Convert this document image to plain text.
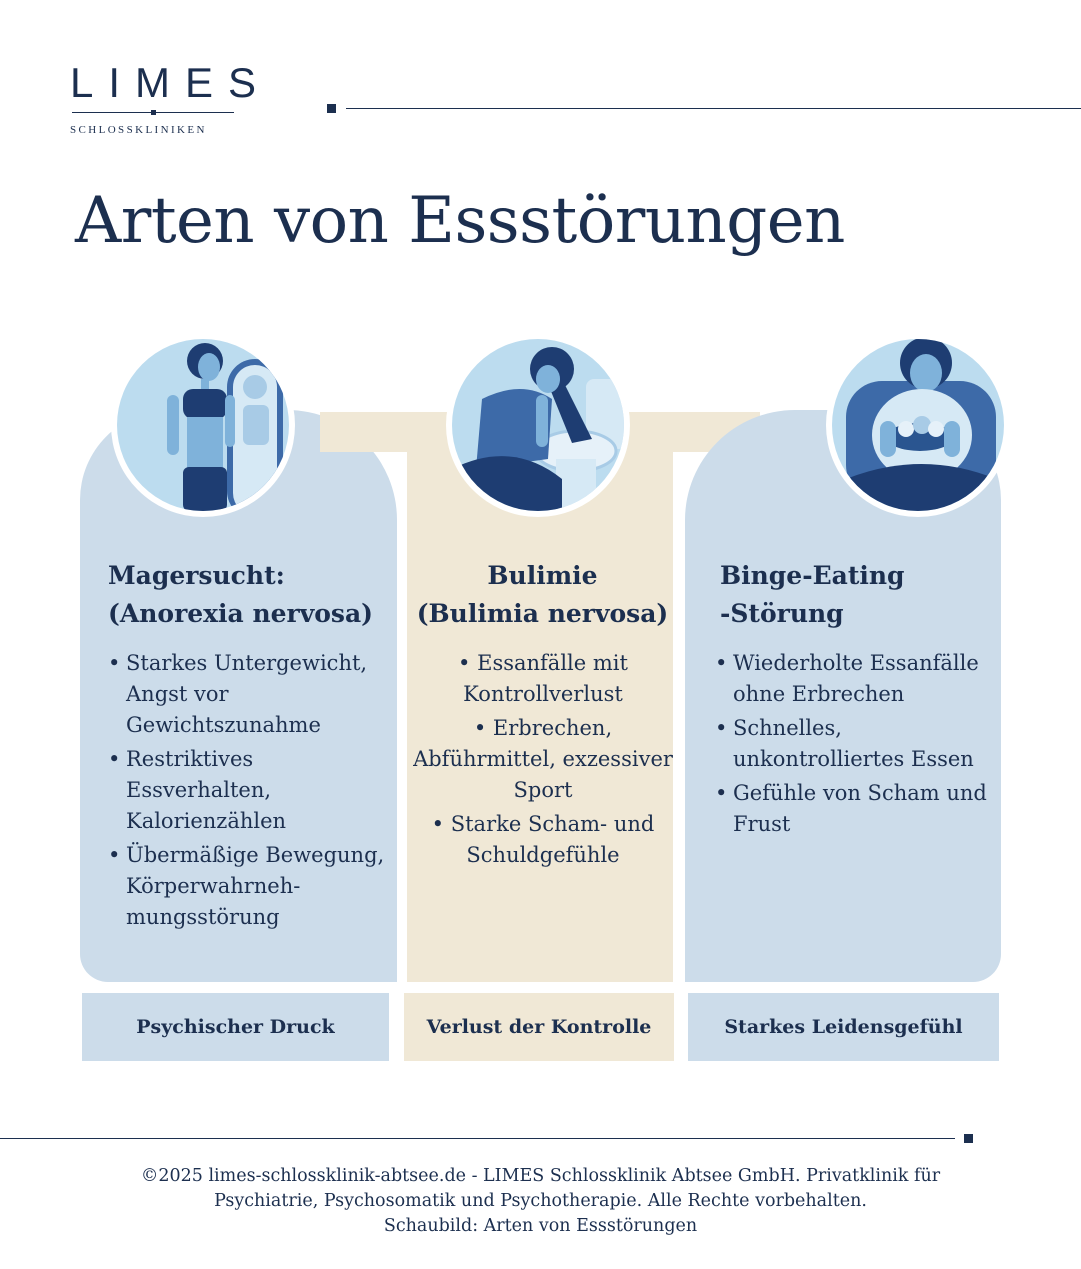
LIMES
SCHLOSSKLINIKEN
Arten von Essstörungen
Magersucht:
(Anorexia nervosa)
Bulimie
(Bulimia nervosa)
Binge-Eating
-Störung
• Starkes Untergewicht, Angst vor Gewichtszunahme
• Restriktives Essverhalten, Kalorienzählen
• Übermäßige Bewegung, Körperwahrneh-mungsstörung
• Essanfälle mit Kontrollverlust
• Erbrechen, Abführmittel, exzessiver Sport
• Starke Scham- und Schuldgefühle
• Wiederholte Essanfälle ohne Erbrechen
• Schnelles, unkontrolliertes Essen
• Gefühle von Scham und Frust
Psychischer Druck	Verlust der Kontrolle	Starkes Leidensgefühl
©2025 limes-schlossklinik-abtsee.de - LIMES Schlossklinik Abtsee GmbH. Privatklinik für
Psychiatrie, Psychosomatik und Psychotherapie. Alle Rechte vorbehalten.
Schaubild: Arten von Essstörungen
